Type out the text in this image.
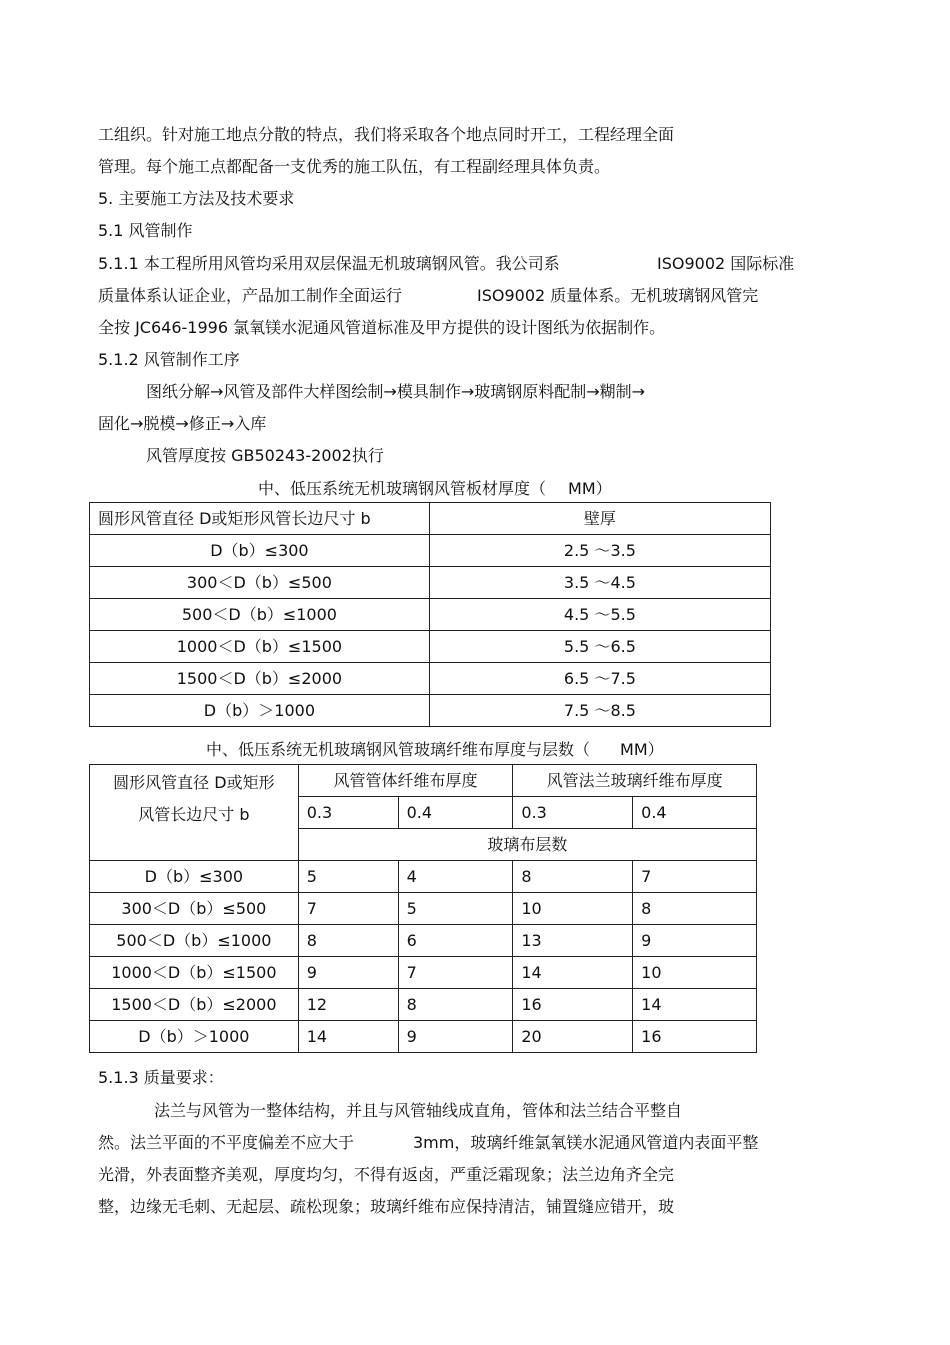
工组织。针对施工地点分散的特点，我们将采取各个地点同时开工，工程经理全面
管理。每个施工点都配备一支优秀的施工队伍，有工程副经理具体负责。
5. 主要施工方法及技术要求
5.1 风管制作
5.1.1 本工程所用风管均采用双层保温无机玻璃钢风管。我公司系	ISO9002 国际标准
质量体系认证企业，产品加工制作全面运行	ISO9002 质量体系。无机玻璃钢风管完
全按 JC646-1996 氯氧镁水泥通风管道标准及甲方提供的设计图纸为依据制作。
5.1.2 风管制作工序
图纸分解→风管及部件大样图绘制→模具制作→玻璃钢原料配制→糊制→
固化→脱模→修正→入库
风管厚度按 GB50243-2002执行
中、低压系统无机玻璃钢风管板材厚度（ MM）
圆形风管直径 D或矩形风管长边尺寸 b	壁厚
D（b）≤300	2.5 ～3.5
300＜D（b）≤500	3.5 ～4.5
500＜D（b）≤1000	4.5 ～5.5
1000＜D（b）≤1500	5.5 ～6.5
1500＜D（b）≤2000	6.5 ～7.5
D（b）＞1000	7.5 ～8.5
中、低压系统无机玻璃钢风管玻璃纤维布厚度与层数（ MM）
圆形风管直径 D或矩形
风管长边尺寸 b	风管管体纤维布厚度		风管法兰玻璃纤维布厚度	
	0.3	0.4	0.3	0.4
	玻璃布层数			
D（b）≤300	5	4	8	7
300＜D（b）≤500	7	5	10	8
500＜D（b）≤1000	8	6	13	9
1000＜D（b）≤1500	9	7	14	10
1500＜D（b）≤2000	12	8	16	14
D（b）＞1000	14	9	20	16
5.1.3 质量要求：
法兰与风管为一整体结构，并且与风管轴线成直角，管体和法兰结合平整自
然。法兰平面的不平度偏差不应大于	3mm，玻璃纤维氯氧镁水泥通风管道内表面平整
光滑，外表面整齐美观，厚度均匀，不得有返卤，严重泛霜现象；法兰边角齐全完
整，边缘无毛刺、无起层、疏松现象；玻璃纤维布应保持清洁，铺置缝应错开，玻
